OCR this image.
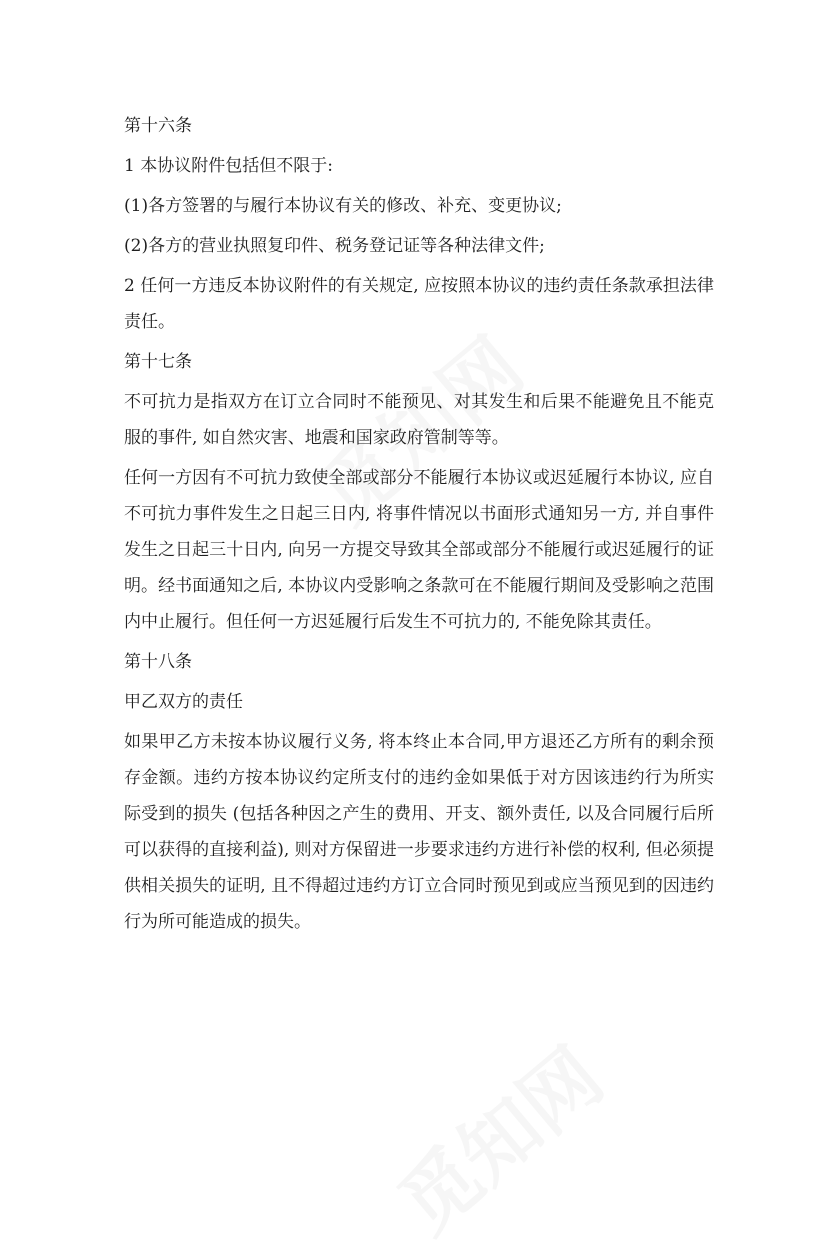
第十六条

1 本协议附件包括但不限于:

(1)各方签署的与履行本协议有关的修改、补充、变更协议;

(2)各方的营业执照复印件、税务登记证等各种法律文件;

2 任何一方违反本协议附件的有关规定, 应按照本协议的违约责任条款承担法律责任。

第十七条

不可抗力是指双方在订立合同时不能预见、对其发生和后果不能避免且不能克服的事件, 如自然灾害、地震和国家政府管制等等。

任何一方因有不可抗力致使全部或部分不能履行本协议或迟延履行本协议, 应自不可抗力事件发生之日起三日内, 将事件情况以书面形式通知另一方, 并自事件发生之日起三十日内, 向另一方提交导致其全部或部分不能履行或迟延履行的证明。经书面通知之后, 本协议内受影响之条款可在不能履行期间及受影响之范围内中止履行。但任何一方迟延履行后发生不可抗力的, 不能免除其责任。

第十八条

甲乙双方的责任

如果甲乙方未按本协议履行义务, 将本终止本合同,甲方退还乙方所有的剩余预存金额。违约方按本协议约定所支付的违约金如果低于对方因该违约行为所实际受到的损失 (包括各种因之产生的费用、开支、额外责任, 以及合同履行后所可以获得的直接利益), 则对方保留进一步要求违约方进行补偿的权利, 但必须提供相关损失的证明, 且不得超过违约方订立合同时预见到或应当预见到的因违约行为所可能造成的损失。
